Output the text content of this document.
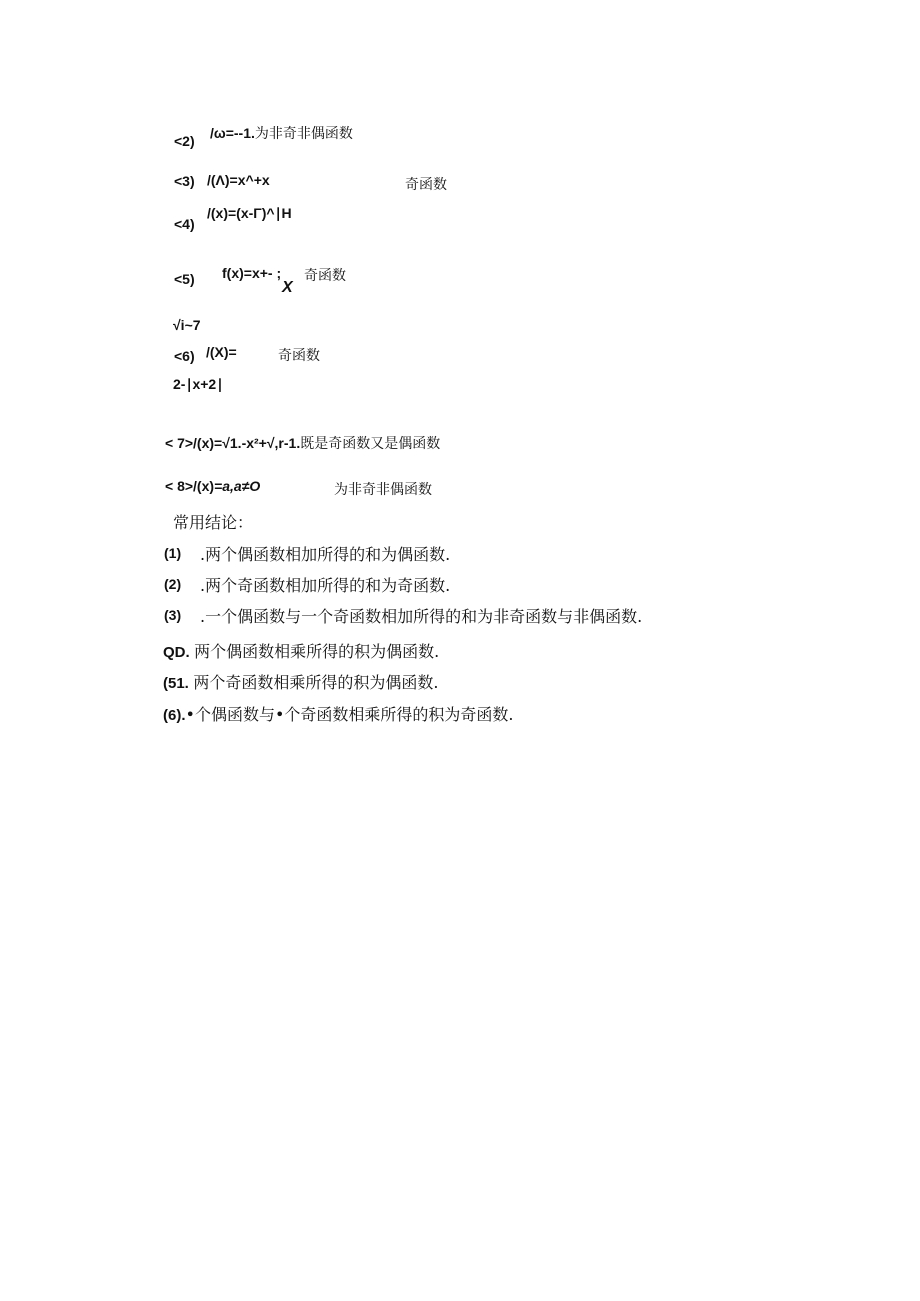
<2) /ω=--1.为非奇非偶函数
<3) /(Λ)=x^+x	奇函数
<4)
/(x)=(x-Γ)^∣H
<5) f(x)=x+- ; 奇函数
X
√i~7
<6) /(X)=	奇函数
2-∣x+2∣
< 7>/(x)=√1.-x²+√,r-1.既是奇函数又是偶函数
< 8>/(x)=a,a≠O	为非奇非偶函数
常用结论：
(1) .两个偶函数相加所得的和为偶函数.
(2) .两个奇函数相加所得的和为奇函数.
(3) .一个偶函数与一个奇函数相加所得的和为非奇函数与非偶函数.
QD. 两个偶函数相乘所得的积为偶函数.
(51. 两个奇函数相乘所得的积为偶函数.
(6).•个偶函数与•个奇函数相乘所得的积为奇函数.
